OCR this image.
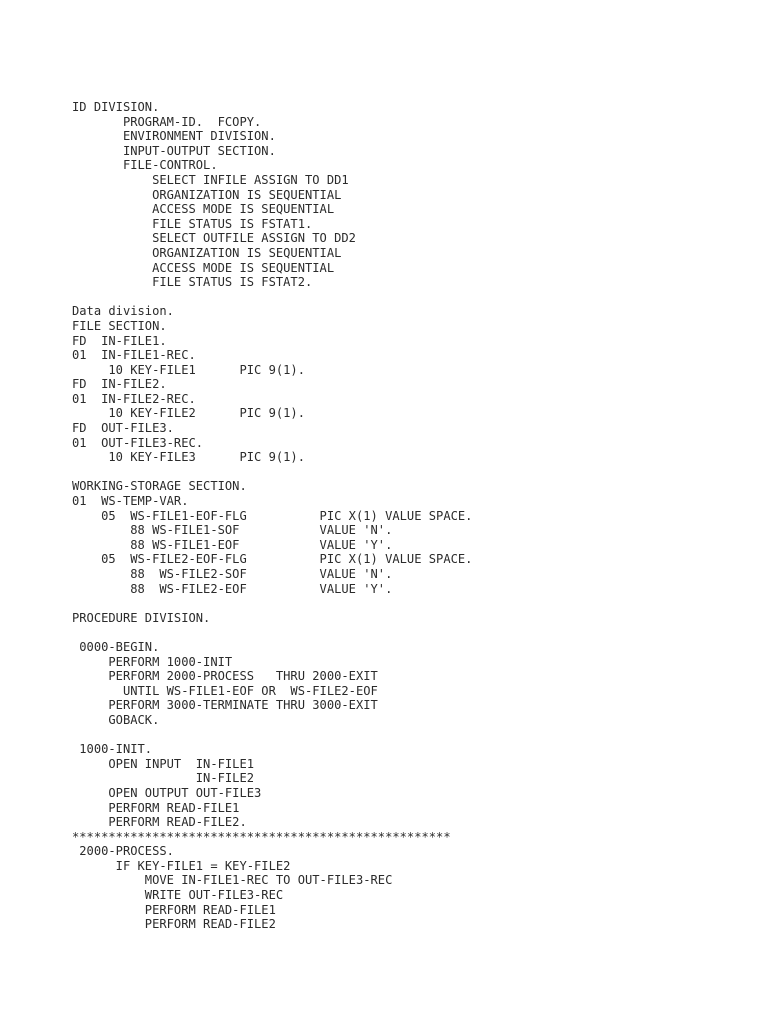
ID DIVISION.
PROGRAM-ID.  FCOPY.
ENVIRONMENT DIVISION.
INPUT-OUTPUT SECTION.
FILE-CONTROL.
SELECT INFILE ASSIGN TO DD1
ORGANIZATION IS SEQUENTIAL
ACCESS MODE IS SEQUENTIAL
FILE STATUS IS FSTAT1.
SELECT OUTFILE ASSIGN TO DD2
ORGANIZATION IS SEQUENTIAL
ACCESS MODE IS SEQUENTIAL
FILE STATUS IS FSTAT2.
Data division.
FILE SECTION.
FD  IN-FILE1.
01  IN-FILE1-REC.
10 KEY-FILE1      PIC 9(1).
FD  IN-FILE2.
01  IN-FILE2-REC.
10 KEY-FILE2      PIC 9(1).
FD  OUT-FILE3.
01  OUT-FILE3-REC.
10 KEY-FILE3      PIC 9(1).
WORKING-STORAGE SECTION.
01  WS-TEMP-VAR.
05  WS-FILE1-EOF-FLG          PIC X(1) VALUE SPACE.
88 WS-FILE1-SOF           VALUE 'N'.
88 WS-FILE1-EOF           VALUE 'Y'.
05  WS-FILE2-EOF-FLG          PIC X(1) VALUE SPACE.
88  WS-FILE2-SOF          VALUE 'N'.
88  WS-FILE2-EOF          VALUE 'Y'.
PROCEDURE DIVISION.
0000-BEGIN.
PERFORM 1000-INIT
PERFORM 2000-PROCESS   THRU 2000-EXIT
UNTIL WS-FILE1-EOF OR  WS-FILE2-EOF
PERFORM 3000-TERMINATE THRU 3000-EXIT
GOBACK.
1000-INIT.
OPEN INPUT  IN-FILE1
IN-FILE2
OPEN OUTPUT OUT-FILE3
PERFORM READ-FILE1
PERFORM READ-FILE2.
****************************************************
2000-PROCESS.
IF KEY-FILE1 = KEY-FILE2
MOVE IN-FILE1-REC TO OUT-FILE3-REC
WRITE OUT-FILE3-REC
PERFORM READ-FILE1
PERFORM READ-FILE2
